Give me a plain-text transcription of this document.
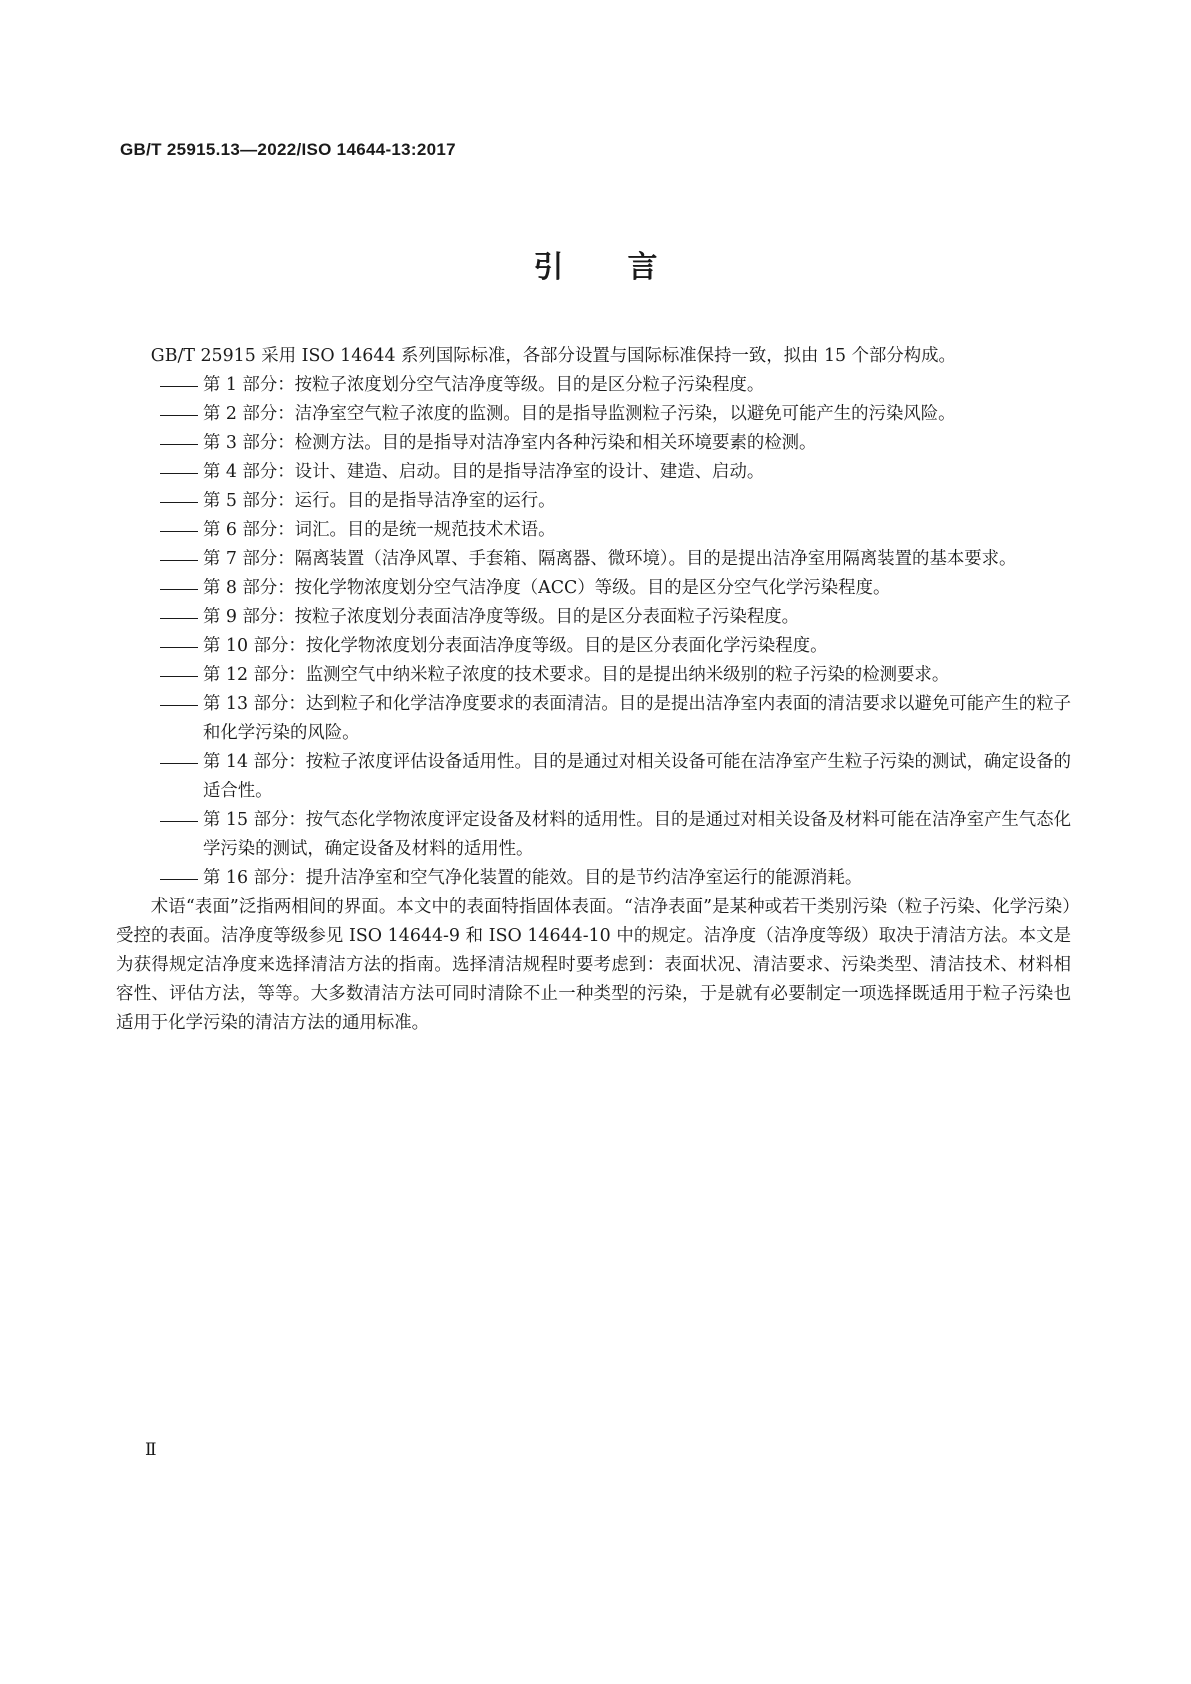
GB/T 25915.13—2022/ISO 14644-13:2017
引言

GB/T 25915 采用 ISO 14644 系列国际标准，各部分设置与国际标准保持一致，拟由 15 个部分构成。

第 1 部分：按粒子浓度划分空气洁净度等级。目的是区分粒子污染程度。
第 2 部分：洁净室空气粒子浓度的监测。目的是指导监测粒子污染，以避免可能产生的污染风险。
第 3 部分：检测方法。目的是指导对洁净室内各种污染和相关环境要素的检测。
第 4 部分：设计、建造、启动。目的是指导洁净室的设计、建造、启动。
第 5 部分：运行。目的是指导洁净室的运行。
第 6 部分：词汇。目的是统一规范技术术语。
第 7 部分：隔离装置（洁净风罩、手套箱、隔离器、微环境）。目的是提出洁净室用隔离装置的基本要求。
第 8 部分：按化学物浓度划分空气洁净度（ACC）等级。目的是区分空气化学污染程度。
第 9 部分：按粒子浓度划分表面洁净度等级。目的是区分表面粒子污染程度。
第 10 部分：按化学物浓度划分表面洁净度等级。目的是区分表面化学污染程度。
第 12 部分：监测空气中纳米粒子浓度的技术要求。目的是提出纳米级别的粒子污染的检测要求。
第 13 部分：达到粒子和化学洁净度要求的表面清洁。目的是提出洁净室内表面的清洁要求以避免可能产生的粒子和化学污染的风险。
第 14 部分：按粒子浓度评估设备适用性。目的是通过对相关设备可能在洁净室产生粒子污染的测试，确定设备的适合性。
第 15 部分：按气态化学物浓度评定设备及材料的适用性。目的是通过对相关设备及材料可能在洁净室产生气态化学污染的测试，确定设备及材料的适用性。
第 16 部分：提升洁净室和空气净化装置的能效。目的是节约洁净室运行的能源消耗。

术语“表面”泛指两相间的界面。本文中的表面特指固体表面。“洁净表面”是某种或若干类别污染（粒子污染、化学污染）受控的表面。洁净度等级参见 ISO 14644-9 和 ISO 14644-10 中的规定。洁净度（洁净度等级）取决于清洁方法。本文是为获得规定洁净度来选择清洁方法的指南。选择清洁规程时要考虑到：表面状况、清洁要求、污染类型、清洁技术、材料相容性、评估方法，等等。大多数清洁方法可同时清除不止一种类型的污染，于是就有必要制定一项选择既适用于粒子污染也适用于化学污染的清洁方法的通用标准。

Ⅱ
